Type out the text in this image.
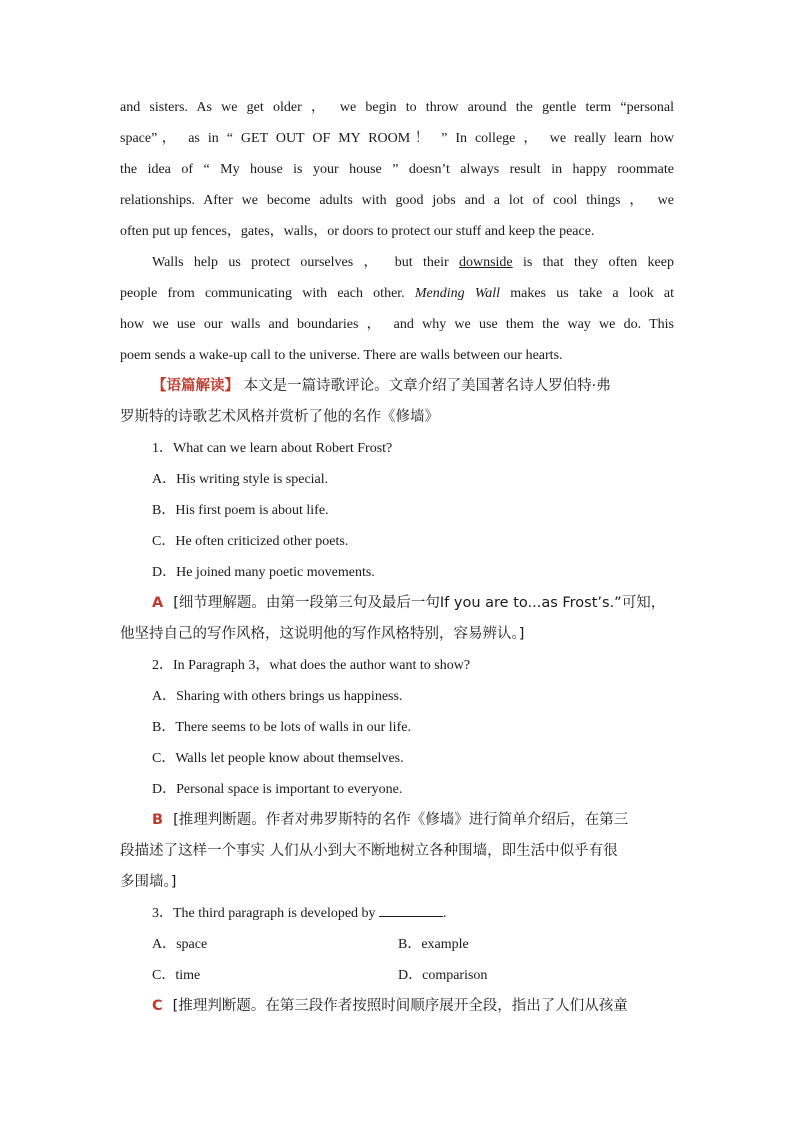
and sisters. As we get older ， we begin to throw around the gentle term “personal
space”， as in “ GET OUT OF MY ROOM！ ” In college ， we really learn how
the idea of “ My house is your house ” doesn’t always result in happy roommate
relationships. After we become adults with good jobs and a lot of cool things ， we
often put up fences，gates，walls，or doors to protect our stuff and keep the peace.
Walls help us protect ourselves ， but their downside is that they often keep
people from communicating with each other. Mending Wall makes us take a look at
how we use our walls and boundaries ， and why we use them the way we do. This
poem sends a wake-up call to the universe. There are walls between our hearts.
【语篇解读】 本文是一篇诗歌评论。文章介绍了美国著名诗人罗伯特·弗
罗斯特的诗歌艺术风格并赏析了他的名作《修墙》
1．What can we learn about Robert Frost?
A．His writing style is special.
B．His first poem is about life.
C．He often criticized other poets.
D．He joined many poetic movements.
A [细节理解题。由第一段第三句及最后一句If you are to...as Frost’s.”可知，
他坚持自己的写作风格，这说明他的写作风格特别，容易辨认。]
2．In Paragraph 3，what does the author want to show?
A．Sharing with others brings us happiness.
B．There seems to be lots of walls in our life.
C．Walls let people know about themselves.
D．Personal space is important to everyone.
B [推理判断题。作者对弗罗斯特的名作《修墙》进行简单介绍后，在第三
段描述了这样一个事实 人们从小到大不断地树立各种围墙，即生活中似乎有很
多围墙。]
3．The third paragraph is developed by	.
A．space	B．example
C．time	D．comparison
C [推理判断题。在第三段作者按照时间顺序展开全段，指出了人们从孩童
